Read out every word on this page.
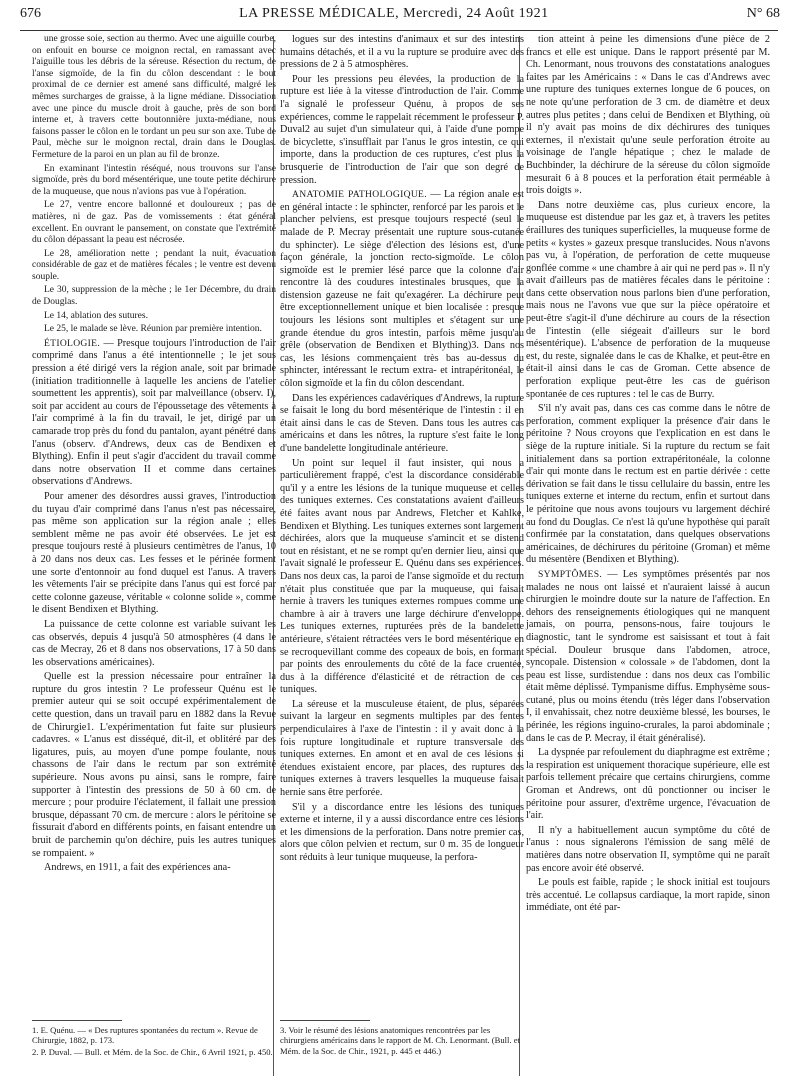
676	LA PRESSE MÉDICALE, Mercredi, 24 Août 1921	N° 68

une grosse soie, section au thermo. Avec une aiguille courbe, on enfouit en bourse ce moignon rectal, en ramassant avec l'aiguille tous les débris de la séreuse. Résection du rectum, de l'anse sigmoïde, de la fin du côlon descendant : le bout proximal de ce dernier est amené sans difficulté, malgré les mêmes surcharges de graisse, à la ligne médiane. Dissociation avec une pince du muscle droit à gauche, près de son bord interne et, à travers cette boutonnière juxta-médiane, nous faisons passer le côlon en le tordant un peu sur son axe. Tube de Paul, mèche sur le moignon rectal, drain dans le Douglas. Fermeture de la paroi en un plan au fil de bronze.

En examinant l'intestin réséqué, nous trouvons sur l'anse sigmoïde, près du bord mésentérique, une toute petite déchirure de la muqueuse, que nous n'avions pas vue à l'opération.

Le 27, ventre encore ballonné et douloureux ; pas de matières, ni de gaz. Pas de vomissements : état général excellent. En ouvrant le pansement, on constate que l'extrémité du côlon dépassant la peau est nécrosée.

Le 28, amélioration nette ; pendant la nuit, évacuation considérable de gaz et de matières fécales ; le ventre est devenu souple.

Le 30, suppression de la mèche ; le 1er Décembre, du drain de Douglas.

Le 14, ablation des sutures.

Le 25, le malade se lève. Réunion par première intention.

ÉTIOLOGIE. — Presque toujours l'introduction de l'air comprimé dans l'anus a été intentionnelle ; le jet sous pression a été dirigé vers la région anale, soit par brimade (initiation traditionnelle à laquelle les anciens de l'atelier soumettent les apprentis), soit par malveillance (observ. I), soit par accident au cours de l'époussetage des vêtements à l'air comprimé à la fin du travail, le jet, dirigé par un camarade trop près du fond du pantalon, ayant pénétré dans l'anus (observ. d'Andrews, deux cas de Bendixen et Blything). Enfin il peut s'agir d'accident du travail comme dans notre observation II et comme dans certaines observations d'Andrews.

Pour amener des désordres aussi graves, l'introduction du tuyau d'air comprimé dans l'anus n'est pas nécessaire, pas même son application sur la région anale ; elles semblent même ne pas avoir été observées. Le jet est presque toujours resté à plusieurs centimètres de l'anus, 10 à 20 dans nos deux cas. Les fesses et le périnée forment une sorte d'entonnoir au fond duquel est l'anus. A travers les vêtements l'air se précipite dans l'anus qui est forcé par cette colonne gazeuse, véritable « colonne solide », comme le disent Bendixen et Blything.

La puissance de cette colonne est variable suivant les cas observés, depuis 4 jusqu'à 50 atmosphères (4 dans le cas de Mecray, 26 et 8 dans nos observations, 17 à 50 dans les observations américaines).

Quelle est la pression nécessaire pour entraîner la rupture du gros intestin ? Le professeur Quénu est le premier auteur qui se soit occupé expérimentalement de cette question, dans un travail paru en 1882 dans la Revue de Chirurgie1. L'expérimentation fut faite sur plusieurs cadavres. « L'anus est disséqué, dit-il, et oblitéré par des ligatures, puis, au moyen d'une pompe foulante, nous chassons de l'air dans le rectum par son extrémité supérieure. Nous avons pu ainsi, sans le rompre, faire supporter à l'intestin des pressions de 50 à 60 cm. de mercure ; pour produire l'éclatement, il fallait une pression brusque, dépassant 70 cm. de mercure : alors le péritoine se fissurait d'abord en différents points, en faisant entendre un bruit de parchemin qu'on déchire, puis les autres tuniques se rompaient. »

Andrews, en 1911, a fait des expériences ana-

1. E. Quénu. — « Des ruptures spontanées du rectum ». Revue de Chirurgie, 1882, p. 173.

2. P. Duval. — Bull. et Mém. de la Soc. de Chir., 6 Avril 1921, p. 450.

logues sur des intestins d'animaux et sur des intestins humains détachés, et il a vu la rupture se produire avec des pressions de 2 à 5 atmosphères.

Pour les pressions peu élevées, la production de la rupture est liée à la vitesse d'introduction de l'air. Comme l'a signalé le professeur Quénu, à propos de ses expériences, comme le rappelait récemment le professeur P. Duval2 au sujet d'un simulateur qui, à l'aide d'une pompe de bicyclette, s'insufflait par l'anus le gros intestin, ce qui importe, dans la production de ces ruptures, c'est plus la brusquerie de l'introduction de l'air que son degré de pression.

ANATOMIE PATHOLOGIQUE. — La région anale est en général intacte : le sphincter, renforcé par les parois et le plancher pelviens, est presque toujours respecté (seul le malade de P. Mecray présentait une rupture sous-cutanée du sphincter). Le siège d'élection des lésions est, d'une façon générale, la jonction recto-sigmoïde. Le côlon sigmoïde est le premier lésé parce que la colonne d'air rencontre là des coudures intestinales brusques, que la distension gazeuse ne fait qu'exagérer. La déchirure peut être exceptionnellement unique et bien localisée : presque toujours les lésions sont multiples et s'étagent sur une grande étendue du gros intestin, parfois même jusqu'au grêle (observation de Bendixen et Blything)3. Dans nos cas, les lésions commençaient très bas au-dessus du sphincter, intéressant le rectum extra- et intrapéritonéal, le côlon sigmoïde et la fin du côlon descendant.

Dans les expériences cadavériques d'Andrews, la rupture se faisait le long du bord mésentérique de l'intestin : il en était ainsi dans le cas de Steven. Dans tous les autres cas américains et dans les nôtres, la rupture s'est faite le long d'une bandelette longitudinale antérieure.

Un point sur lequel il faut insister, qui nous a particulièrement frappé, c'est la discordance considérable qu'il y a entre les lésions de la tunique muqueuse et celles des tuniques externes. Ces constatations avaient d'ailleurs été faites avant nous par Andrews, Fletcher et Kahlke, Bendixen et Blything. Les tuniques externes sont largement déchirées, alors que la muqueuse s'amincit et se distend tout en résistant, et ne se rompt qu'en dernier lieu, ainsi que l'avait signalé le professeur E. Quénu dans ses expériences. Dans nos deux cas, la paroi de l'anse sigmoïde et du rectum n'était plus constituée que par la muqueuse, qui faisait hernie à travers les tuniques externes rompues comme une chambre à air à travers une large déchirure d'enveloppe. Les tuniques externes, rupturées près de la bandelette antérieure, s'étaient rétractées vers le bord mésentérique en se recroquevillant comme des copeaux de bois, en formant par points des enroulements du côté de la face cruentée, dus à la différence d'élasticité et de rétraction de ces tuniques.

La séreuse et la musculeuse étaient, de plus, séparées suivant la largeur en segments multiples par des fentes perpendiculaires à l'axe de l'intestin : il y avait donc à la fois rupture longitudinale et rupture transversale des tuniques externes. En amont et en aval de ces lésions si étendues existaient encore, par places, des ruptures des tuniques externes à travers lesquelles la muqueuse faisait hernie sans être perforée.

S'il y a discordance entre les lésions des tuniques externe et interne, il y a aussi discordance entre ces lésions et les dimensions de la perforation. Dans notre premier cas, alors que côlon pelvien et rectum, sur 0 m. 35 de longueur sont réduits à leur tunique muqueuse, la perfora-

3. Voir le résumé des lésions anatomiques rencontrées par les chirurgiens américains dans le rapport de M. Ch. Lenormant. (Bull. et Mém. de la Soc. de Chir., 1921, p. 445 et 446.)

tion atteint à peine les dimensions d'une pièce de 2 francs et elle est unique. Dans le rapport présenté par M. Ch. Lenormant, nous trouvons des constatations analogues faites par les Américains : « Dans le cas d'Andrews avec une rupture des tuniques externes longue de 6 pouces, on ne note qu'une perforation de 3 cm. de diamètre et deux autres plus petites ; dans celui de Bendixen et Blything, où il n'y avait pas moins de dix déchirures des tuniques externes, il n'existait qu'une seule perforation étroite au voisinage de l'angle hépatique ; chez le malade de Buchbinder, la déchirure de la séreuse du côlon sigmoïde mesurait 6 à 8 pouces et la perforation était perméable à trois doigts ».

Dans notre deuxième cas, plus curieux encore, la muqueuse est distendue par les gaz et, à travers les petites éraillures des tuniques superficielles, la muqueuse forme de petits « kystes » gazeux presque translucides. Nous n'avons pas vu, à l'opération, de perforation de cette muqueuse gonflée comme « une chambre à air qui ne perd pas ». Il n'y avait d'ailleurs pas de matières fécales dans le péritoine : dans cette observation nous parlons bien d'une perforation, mais nous ne l'avons vue que sur la pièce opératoire et peut-être s'agit-il d'une déchirure au cours de la résection de l'intestin (elle siégeait d'ailleurs sur le bord mésentérique). L'absence de perforation de la muqueuse est, du reste, signalée dans le cas de Khalke, et peut-être en était-il ainsi dans le cas de Groman. Cette absence de perforation explique peut-être les cas de guérison spontanée de ces ruptures : tel le cas de Burry.

S'il n'y avait pas, dans ces cas comme dans le nôtre de perforation, comment expliquer la présence d'air dans le péritoine ? Nous croyons que l'explication en est dans le siège de la rupture initiale. Si la rupture du rectum se fait initialement dans sa portion extrapéritonéale, la colonne d'air qui monte dans le rectum est en partie dérivée : cette dérivation se fait dans le tissu cellulaire du bassin, entre les tuniques externe et interne du rectum, enfin et surtout dans le péritoine que nous avons toujours vu largement déchiré au fond du Douglas. Ce n'est là qu'une hypothèse qui paraît confirmée par la constatation, dans quelques observations américaines, de déchirures du péritoine (Groman) et même du mésentère (Bendixen et Blything).

SYMPTÔMES. — Les symptômes présentés par nos malades ne nous ont laissé et n'auraient laissé à aucun chirurgien le moindre doute sur la nature de l'affection. En dehors des renseignements étiologiques qui ne manquent jamais, on pourra, pensons-nous, faire toujours le diagnostic, tant le syndrome est saisissant et tout à fait spécial. Douleur brusque dans l'abdomen, atroce, syncopale. Distension « colossale » de l'abdomen, dont la peau est lisse, surdistendue : dans nos deux cas l'ombilic était même déplissé. Tympanisme diffus. Emphysème sous-cutané, plus ou moins étendu (très léger dans l'observation I, il envahissait, chez notre deuxième blessé, les bourses, le périnée, les régions inguino-crurales, la paroi abdominale ; dans le cas de P. Mecray, il était généralisé).

La dyspnée par refoulement du diaphragme est extrême ; la respiration est uniquement thoracique supérieure, elle est parfois tellement précaire que certains chirurgiens, comme Groman et Andrews, ont dû ponctionner ou inciser le péritoine pour assurer, d'extrême urgence, l'évacuation de l'air.

Il n'y a habituellement aucun symptôme du côté de l'anus : nous signalerons l'émission de sang mêlé de matières dans notre observation II, symptôme qui ne paraît pas encore avoir été observé.

Le pouls est faible, rapide ; le shock initial est toujours très accentué. Le collapsus cardiaque, la mort rapide, sinon immédiate, ont été par-
